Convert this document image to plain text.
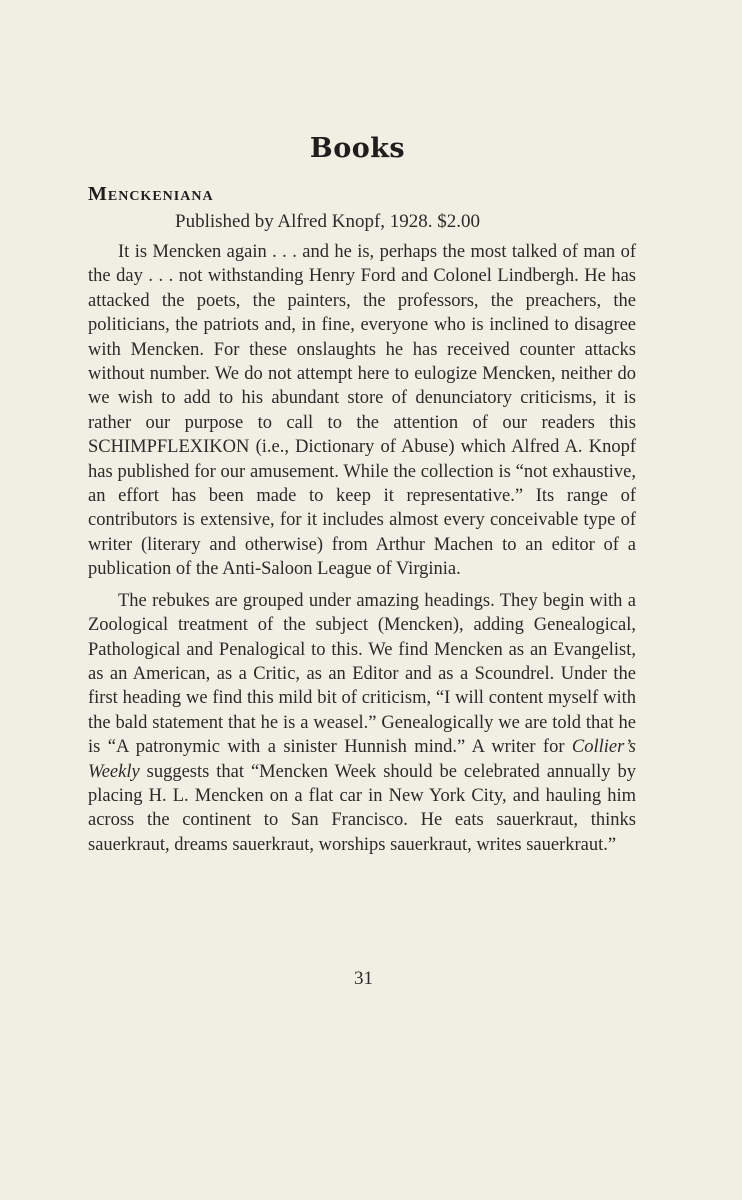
Books
Menckeniana
Published by Alfred Knopf, 1928. $2.00

It is Mencken again . . . and he is, perhaps the most talked of man of the day . . . not withstanding Henry Ford and Colonel Lindbergh. He has attacked the poets, the painters, the professors, the preachers, the politicians, the patriots and, in fine, everyone who is inclined to disagree with Mencken. For these onslaughts he has received counter attacks without number. We do not attempt here to eulogize Mencken, neither do we wish to add to his abundant store of denunciatory criticisms, it is rather our purpose to call to the attention of our readers this SCHIMPFLEXIKON (i.e., Dictionary of Abuse) which Alfred A. Knopf has published for our amusement. While the collection is “not exhaustive, an effort has been made to keep it representative.” Its range of contributors is extensive, for it includes almost every conceivable type of writer (literary and otherwise) from Arthur Machen to an editor of a publication of the Anti-Saloon League of Virginia.

The rebukes are grouped under amazing headings. They begin with a Zoological treatment of the subject (Mencken), adding Genealogical, Pathological and Penalogical to this. We find Mencken as an Evangelist, as an American, as a Critic, as an Editor and as a Scoundrel. Under the first heading we find this mild bit of criticism, “I will content myself with the bald statement that he is a weasel.” Genealogically we are told that he is “A patronymic with a sinister Hunnish mind.” A writer for Collier’s Weekly suggests that “Mencken Week should be celebrated annually by placing H. L. Mencken on a flat car in New York City, and hauling him across the continent to San Francisco. He eats sauerkraut, thinks sauerkraut, dreams sauerkraut, worships sauerkraut, writes sauerkraut.”

31
